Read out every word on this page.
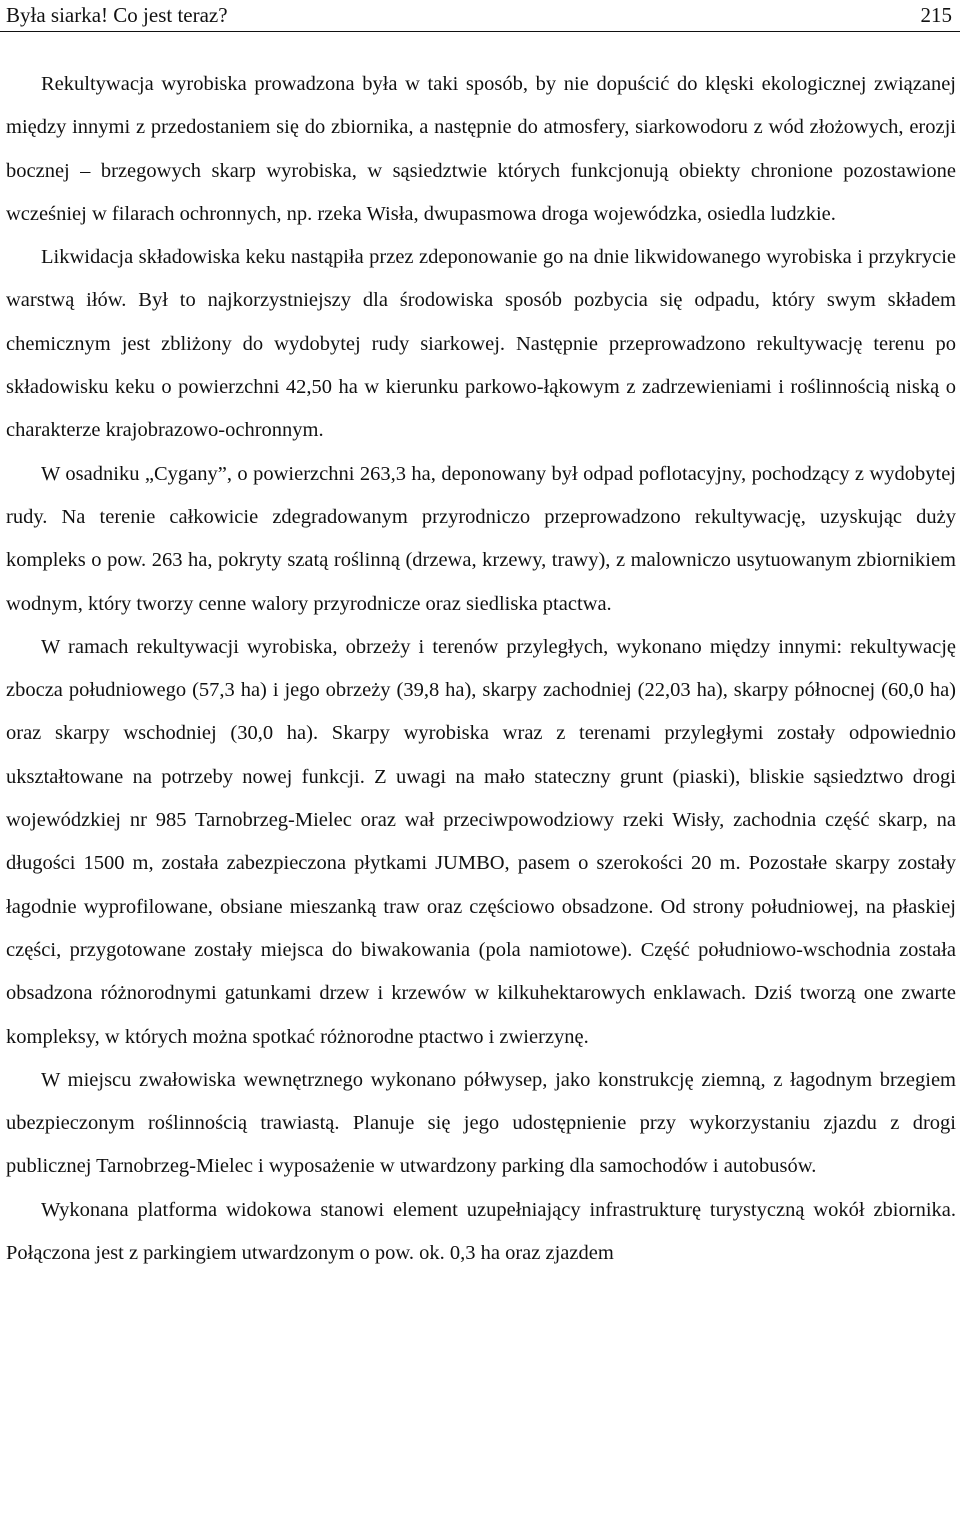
Była siarka! Co jest teraz?	215

Rekultywacja wyrobiska prowadzona była w taki sposób, by nie dopuścić do klęski ekologicznej związanej między innymi z przedostaniem się do zbiornika, a następnie do atmosfery, siarkowodoru z wód złożowych, erozji bocznej – brzegowych skarp wyrobiska, w sąsiedztwie których funkcjonują obiekty chronione pozostawione wcześniej w filarach ochronnych, np. rzeka Wisła, dwupasmowa droga wojewódzka, osiedla ludzkie.

Likwidacja składowiska keku nastąpiła przez zdeponowanie go na dnie likwidowanego wyrobiska i przykrycie warstwą iłów. Był to najkorzystniejszy dla środowiska sposób pozbycia się odpadu, który swym składem chemicznym jest zbliżony do wydobytej rudy siarkowej. Następnie przeprowadzono rekultywację terenu po składowisku keku o powierzchni 42,50 ha w kierunku parkowo-łąkowym z zadrzewieniami i roślinnością niską o charakterze krajobrazowo-ochronnym.

W osadniku „Cygany”, o powierzchni 263,3 ha, deponowany był odpad poflotacyjny, pochodzący z wydobytej rudy. Na terenie całkowicie zdegradowanym przyrodniczo przeprowadzono rekultywację, uzyskując duży kompleks o pow. 263 ha, pokryty szatą roślinną (drzewa, krzewy, trawy), z malowniczo usytuowanym zbiornikiem wodnym, który tworzy cenne walory przyrodnicze oraz siedliska ptactwa.

W ramach rekultywacji wyrobiska, obrzeży i terenów przyległych, wykonano między innymi: rekultywację zbocza południowego (57,3 ha) i jego obrzeży (39,8 ha), skarpy zachodniej (22,03 ha), skarpy północnej (60,0 ha) oraz skarpy wschodniej (30,0 ha). Skarpy wyrobiska wraz z terenami przyległymi zostały odpowiednio ukształtowane na potrzeby nowej funkcji. Z uwagi na mało stateczny grunt (piaski), bliskie sąsiedztwo drogi wojewódzkiej nr 985 Tarnobrzeg-Mielec oraz wał przeciwpowodziowy rzeki Wisły, zachodnia część skarp, na długości 1500 m, została zabezpieczona płytkami JUMBO, pasem o szerokości 20 m. Pozostałe skarpy zostały łagodnie wyprofilowane, obsiane mieszanką traw oraz częściowo obsadzone. Od strony południowej, na płaskiej części, przygotowane zostały miejsca do biwakowania (pola namiotowe). Część południowo-wschodnia została obsadzona różnorodnymi gatunkami drzew i krzewów w kilkuhektarowych enklawach. Dziś tworzą one zwarte kompleksy, w których można spotkać różnorodne ptactwo i zwierzynę.

W miejscu zwałowiska wewnętrznego wykonano półwysep, jako konstrukcję ziemną, z łagodnym brzegiem ubezpieczonym roślinnością trawiastą. Planuje się jego udostępnienie przy wykorzystaniu zjazdu z drogi publicznej Tarnobrzeg-Mielec i wyposażenie w utwardzony parking dla samochodów i autobusów.

Wykonana platforma widokowa stanowi element uzupełniający infrastrukturę turystyczną wokół zbiornika. Połączona jest z parkingiem utwardzonym o pow. ok. 0,3 ha oraz zjazdem
